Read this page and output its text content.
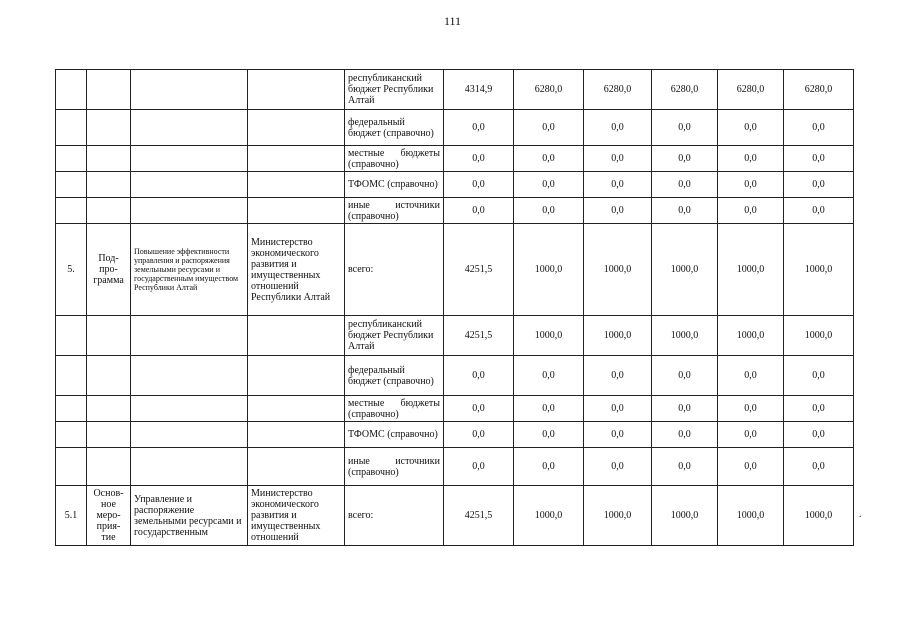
111
				республиканский бюджет Республики Алтай	4314,9	6280,0	6280,0	6280,0	6280,0	6280,0
				федеральный бюджет (справочно)	0,0	0,0	0,0	0,0	0,0	0,0
				местные бюджеты (справочно)	0,0	0,0	0,0	0,0	0,0	0,0
				ТФОМС (справочно)	0,0	0,0	0,0	0,0	0,0	0,0
				иные источники (справочно)	0,0	0,0	0,0	0,0	0,0	0,0
5.	Под-про-грамма	Повышение эффективности управления и распоряжения земельными ресурсами и государственным имуществом Республики Алтай	Министерство экономического развития и имущественных отношений Республики Алтай	всего:	4251,5	1000,0	1000,0	1000,0	1000,0	1000,0
				республиканский бюджет Республики Алтай	4251,5	1000,0	1000,0	1000,0	1000,0	1000,0
				федеральный бюджет (справочно)	0,0	0,0	0,0	0,0	0,0	0,0
				местные бюджеты (справочно)	0,0	0,0	0,0	0,0	0,0	0,0
				ТФОМС (справочно)	0,0	0,0	0,0	0,0	0,0	0,0
				иные источники (справочно)	0,0	0,0	0,0	0,0	0,0	0,0
5.1	Основ-ное меро-прия-тие	Управление и распоряжение земельными ресурсами и государственным	Министерство экономического развития и имущественных отношений	всего:	4251,5	1000,0	1000,0	1000,0	1000,0	1000,0	.
